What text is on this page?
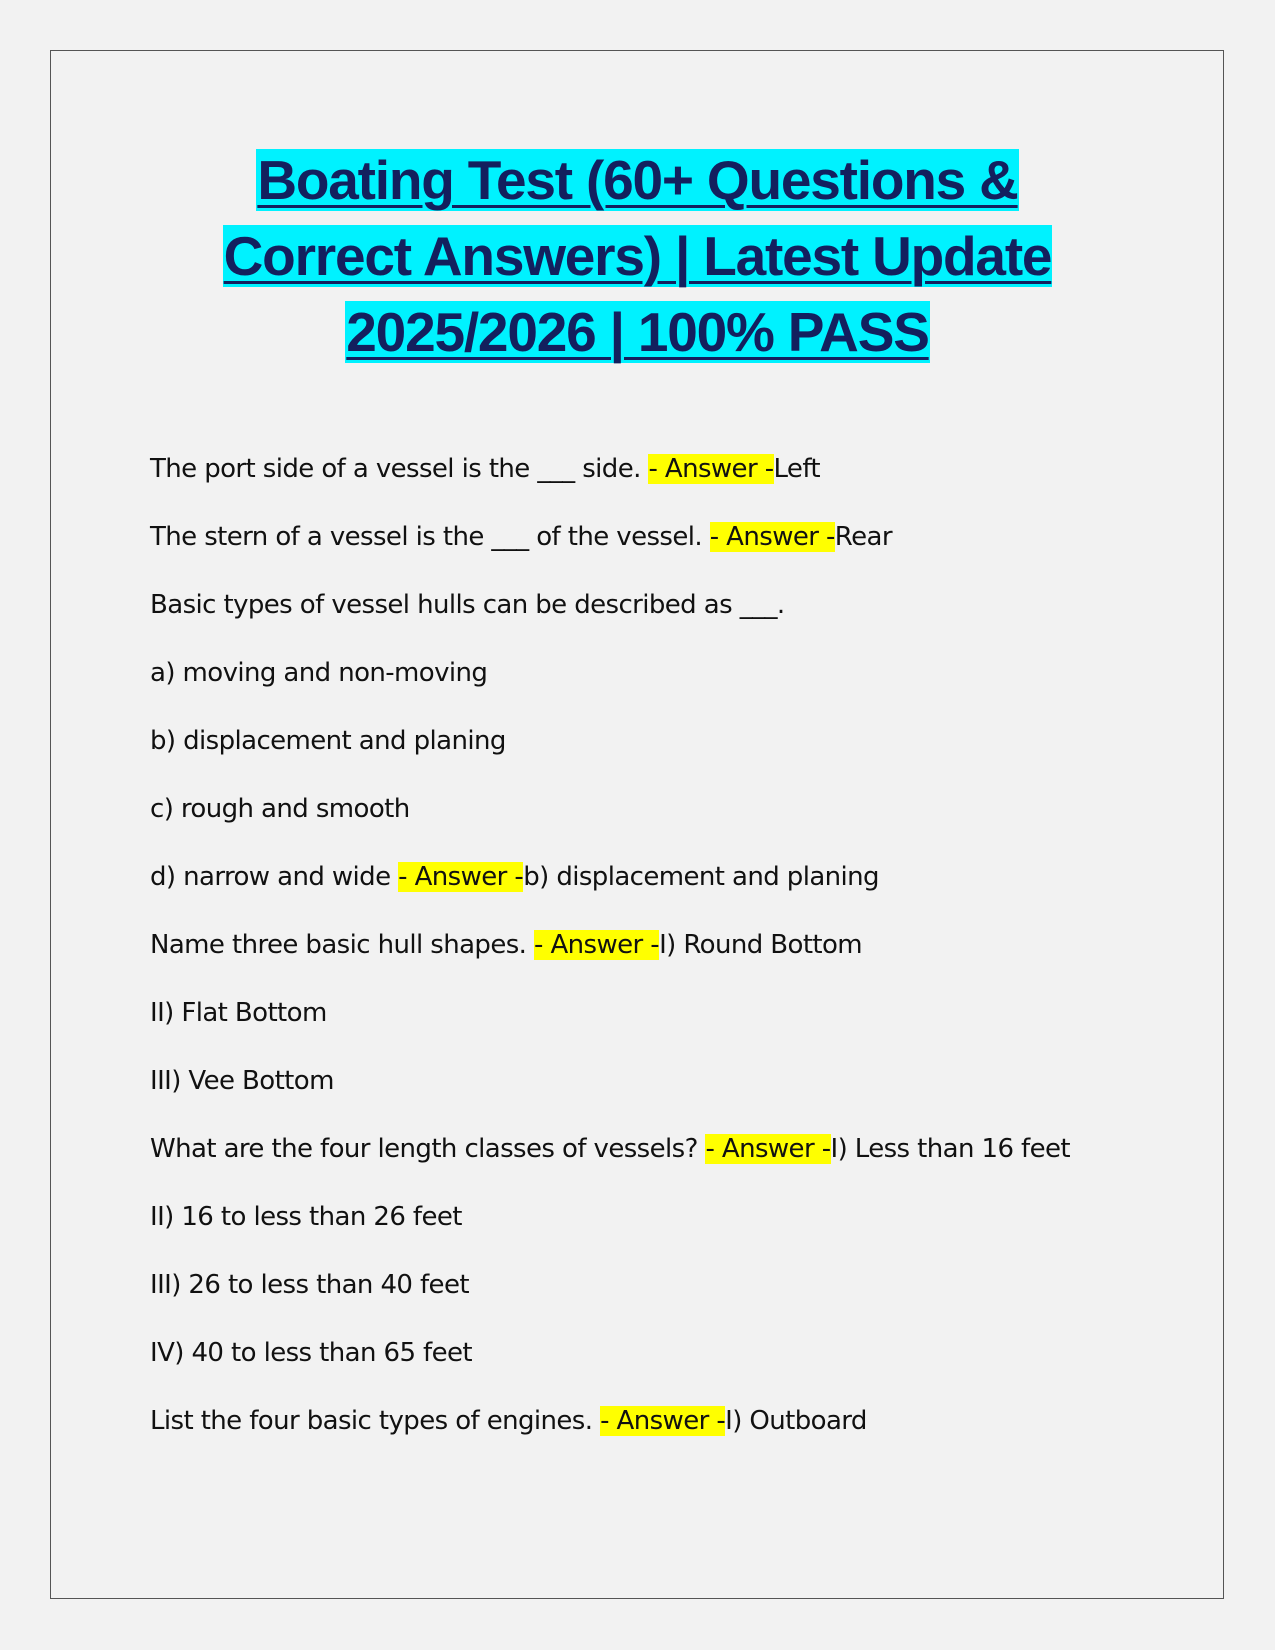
Boating Test (60+ Questions &
Correct Answers) | Latest Update
2025/2026 | 100% PASS

The port side of a vessel is the ___ side. - Answer -Left

The stern of a vessel is the ___ of the vessel. - Answer -Rear

Basic types of vessel hulls can be described as ___.

a) moving and non-moving

b) displacement and planing

c) rough and smooth

d) narrow and wide - Answer -b) displacement and planing

Name three basic hull shapes. - Answer -I) Round Bottom

II) Flat Bottom

III) Vee Bottom

What are the four length classes of vessels? - Answer -I) Less than 16 feet

II) 16 to less than 26 feet

III) 26 to less than 40 feet

IV) 40 to less than 65 feet

List the four basic types of engines. - Answer -I) Outboard
